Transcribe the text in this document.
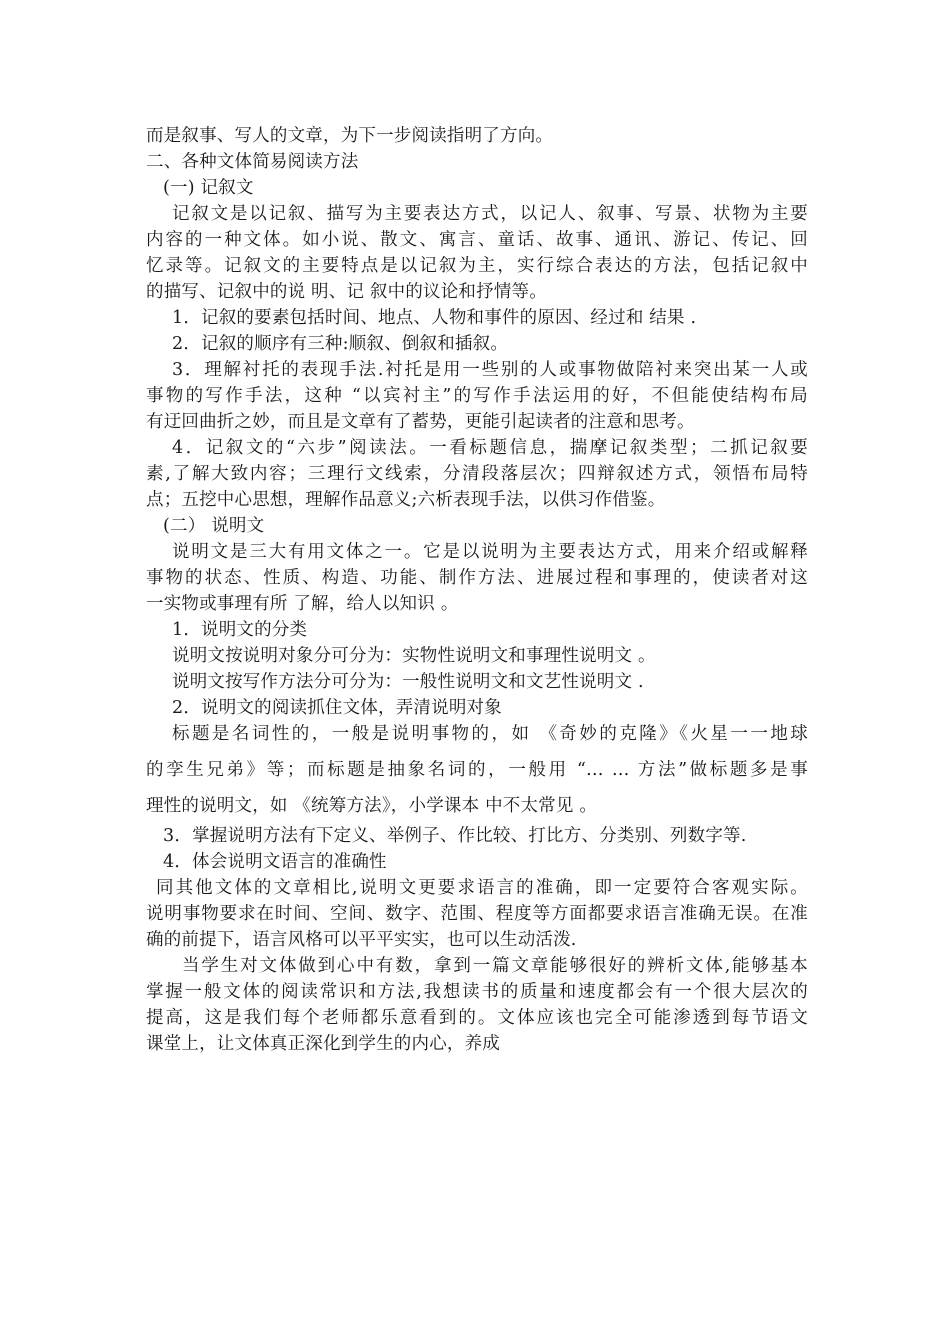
而是叙事、写人的文章，为下一步阅读指明了方向。
二、各种文体简易阅读方法
(一) 记叙文
记叙文是以记叙、描写为主要表达方式，以记人、叙事、写景、状物为主要
内容的一种文体。如小说、散文、寓言、童话、故事、通讯、游记、传记、回
忆录等。记叙文的主要特点是以记叙为主，实行综合表达的方法，包括记叙中
的描写、记叙中的说 明、记 叙中的议论和抒情等。
1．记叙的要素包括时间、地点、人物和事件的原因、经过和 结果 .
2．记叙的顺序有三种:顺叙、倒叙和插叙。
3．理解衬托的表现手法.衬托是用一些别的人或事物做陪衬来突出某一人或
事物的写作手法，这种 “以宾衬主”的写作手法运用的好，不但能使结构布局
有迂回曲折之妙，而且是文章有了蓄势，更能引起读者的注意和思考。
4．记叙文的“六步”阅读法。一看标题信息，揣摩记叙类型；二抓记叙要
素,了解大致内容；三理行文线索，分清段落层次；四辩叙述方式，领悟布局特
点；五挖中心思想，理解作品意义;六析表现手法，以供习作借鉴。
(二） 说明文
说明文是三大有用文体之一。它是以说明为主要表达方式，用来介绍或解释
事物的状态、性质、构造、功能、制作方法、进展过程和事理的，使读者对这
一实物或事理有所 了解，给人以知识 。
1．说明文的分类
说明文按说明对象分可分为：实物性说明文和事理性说明文 。
说明文按写作方法分可分为：一般性说明文和文艺性说明文 .
2．说明文的阅读抓住文体，弄清说明对象
标题是名词性的，一般是说明事物的，如 《奇妙的克隆》《火星一一地球
的孪生兄弟》等；而标题是抽象名词的，一般用 “… … 方法”做标题多是事
理性的说明文，如 《统筹方法》，小学课本 中不太常见 。
3．掌握说明方法有下定义、举例子、作比较、打比方、分类别、列数字等.
4．体会说明文语言的准确性
同其他文体的文章相比,说明文更要求语言的准确，即一定要符合客观实际。
说明事物要求在时间、空间、数字、范围、程度等方面都要求语言准确无误。在准
确的前提下，语言风格可以平平实实，也可以生动活泼.
当学生对文体做到心中有数，拿到一篇文章能够很好的辨析文体,能够基本
掌握一般文体的阅读常识和方法,我想读书的质量和速度都会有一个很大层次的
提高，这是我们每个老师都乐意看到的。文体应该也完全可能渗透到每节语文
课堂上，让文体真正深化到学生的内心，养成
